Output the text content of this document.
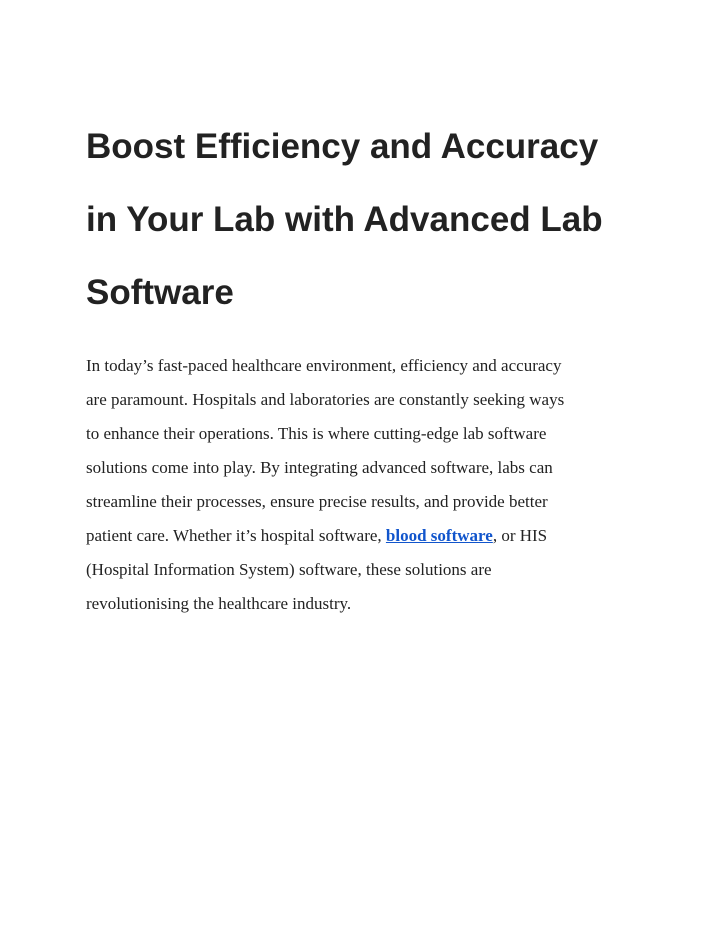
Boost Efficiency and Accuracy
in Your Lab with Advanced Lab
Software

In today’s fast-paced healthcare environment, efficiency and accuracy
are paramount. Hospitals and laboratories are constantly seeking ways
to enhance their operations. This is where cutting-edge lab software
solutions come into play. By integrating advanced software, labs can
streamline their processes, ensure precise results, and provide better
patient care. Whether it’s hospital software, blood software, or HIS
(Hospital Information System) software, these solutions are
revolutionising the healthcare industry.
